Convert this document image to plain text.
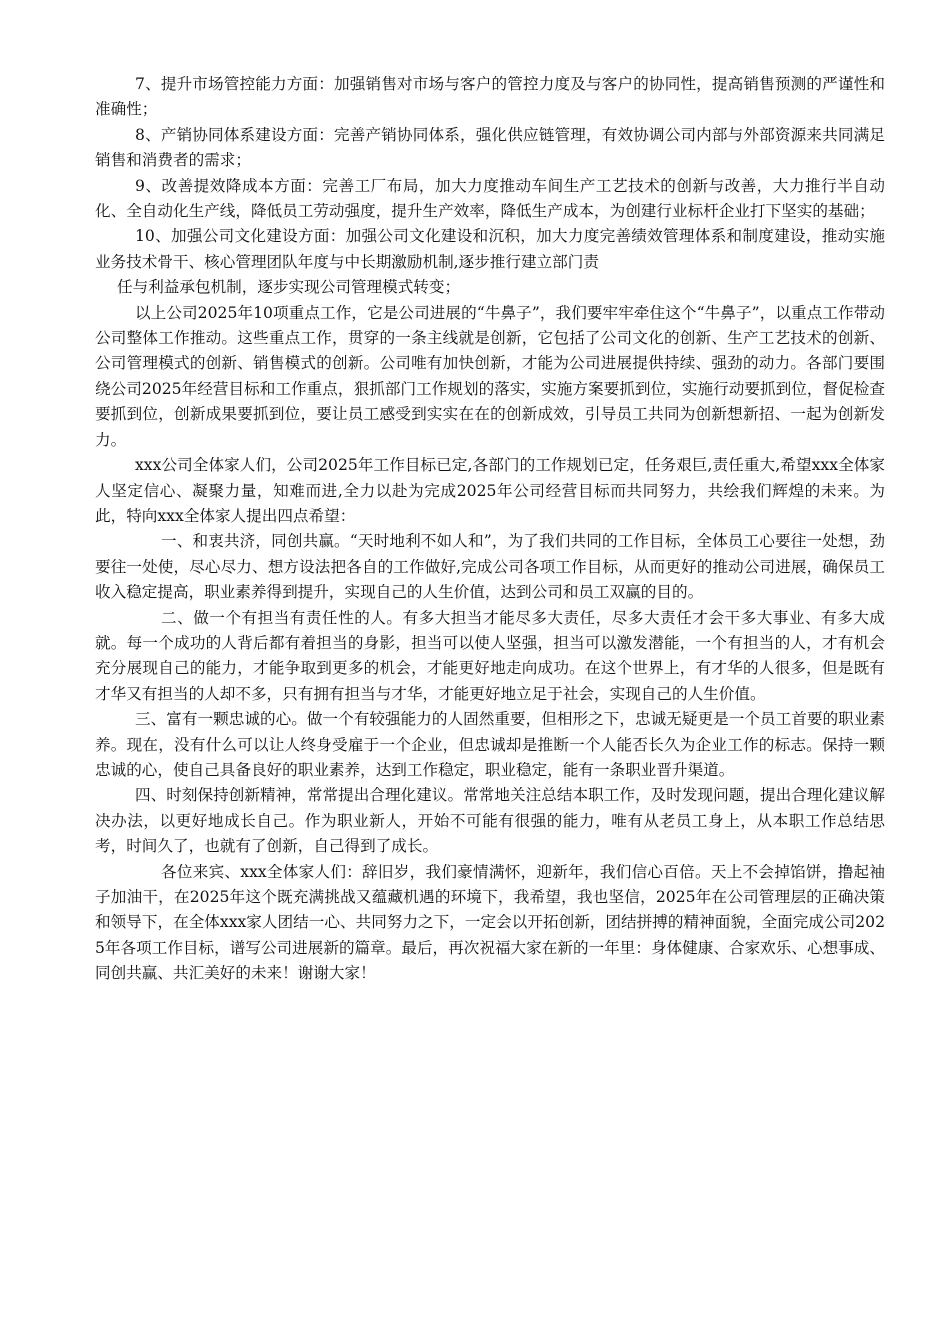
7、提升市场管控能力方面：加强销售对市场与客户的管控力度及与客户的协同性，提高销售预测的严谨性和准确性；

8、产销协同体系建设方面：完善产销协同体系，强化供应链管理，有效协调公司内部与外部资源来共同满足销售和消费者的需求；

9、改善提效降成本方面：完善工厂布局，加大力度推动车间生产工艺技术的创新与改善，大力推行半自动化、全自动化生产线，降低员工劳动强度，提升生产效率，降低生产成本，为创建行业标杆企业打下坚实的基础；

10、加强公司文化建设方面：加强公司文化建设和沉积，加大力度完善绩效管理体系和制度建设，推动实施业务技术骨干、核心管理团队年度与中长期激励机制,逐步推行建立部门责

任与利益承包机制，逐步实现公司管理模式转变；

以上公司2025年10项重点工作，它是公司进展的“牛鼻子”，我们要牢牢牵住这个“牛鼻子”，以重点工作带动公司整体工作推动。这些重点工作，贯穿的一条主线就是创新，它包括了公司文化的创新、生产工艺技术的创新、公司管理模式的创新、销售模式的创新。公司唯有加快创新，才能为公司进展提供持续、强劲的动力。各部门要围绕公司2025年经营目标和工作重点，狠抓部门工作规划的落实，实施方案要抓到位，实施行动要抓到位，督促检查要抓到位，创新成果要抓到位，要让员工感受到实实在在的创新成效，引导员工共同为创新想新招、一起为创新发力。

xxx公司全体家人们，公司2025年工作目标已定,各部门的工作规划已定，任务艰巨,责任重大,希望xxx全体家人坚定信心、凝聚力量，知难而进,全力以赴为完成2025年公司经营目标而共同努力，共绘我们辉煌的未来。为此，特向xxx全体家人提出四点希望：

一、和衷共济，同创共赢。“天时地利不如人和”，为了我们共同的工作目标，全体员工心要往一处想，劲要往一处使，尽心尽力、想方设法把各自的工作做好,完成公司各项工作目标，从而更好的推动公司进展，确保员工收入稳定提高，职业素养得到提升，实现自己的人生价值，达到公司和员工双赢的目的。

二、做一个有担当有责任性的人。有多大担当才能尽多大责任，尽多大责任才会干多大事业、有多大成就。每一个成功的人背后都有着担当的身影，担当可以使人坚强，担当可以激发潜能，一个有担当的人，才有机会充分展现自己的能力，才能争取到更多的机会，才能更好地走向成功。在这个世界上，有才华的人很多，但是既有才华又有担当的人却不多，只有拥有担当与才华，才能更好地立足于社会，实现自己的人生价值。

三、富有一颗忠诚的心。做一个有较强能力的人固然重要，但相形之下，忠诚无疑更是一个员工首要的职业素养。现在，没有什么可以让人终身受雇于一个企业，但忠诚却是推断一个人能否长久为企业工作的标志。保持一颗忠诚的心，使自己具备良好的职业素养，达到工作稳定，职业稳定，能有一条职业晋升渠道。

四、时刻保持创新精神，常常提出合理化建议。常常地关注总结本职工作，及时发现问题，提出合理化建议解决办法，以更好地成长自己。作为职业新人，开始不可能有很强的能力，唯有从老员工身上，从本职工作总结思考，时间久了，也就有了创新，自己得到了成长。

各位来宾、xxx全体家人们：辞旧岁，我们豪情满怀，迎新年，我们信心百倍。天上不会掉馅饼，撸起袖子加油干，在2025年这个既充满挑战又蕴藏机遇的环境下，我希望，我也坚信，2025年在公司管理层的正确决策和领导下，在全体xxx家人团结一心、共同努力之下，一定会以开拓创新，团结拼搏的精神面貌，全面完成公司2025年各项工作目标，谱写公司进展新的篇章。最后，再次祝福大家在新的一年里：身体健康、合家欢乐、心想事成、同创共赢、共汇美好的未来！谢谢大家！
